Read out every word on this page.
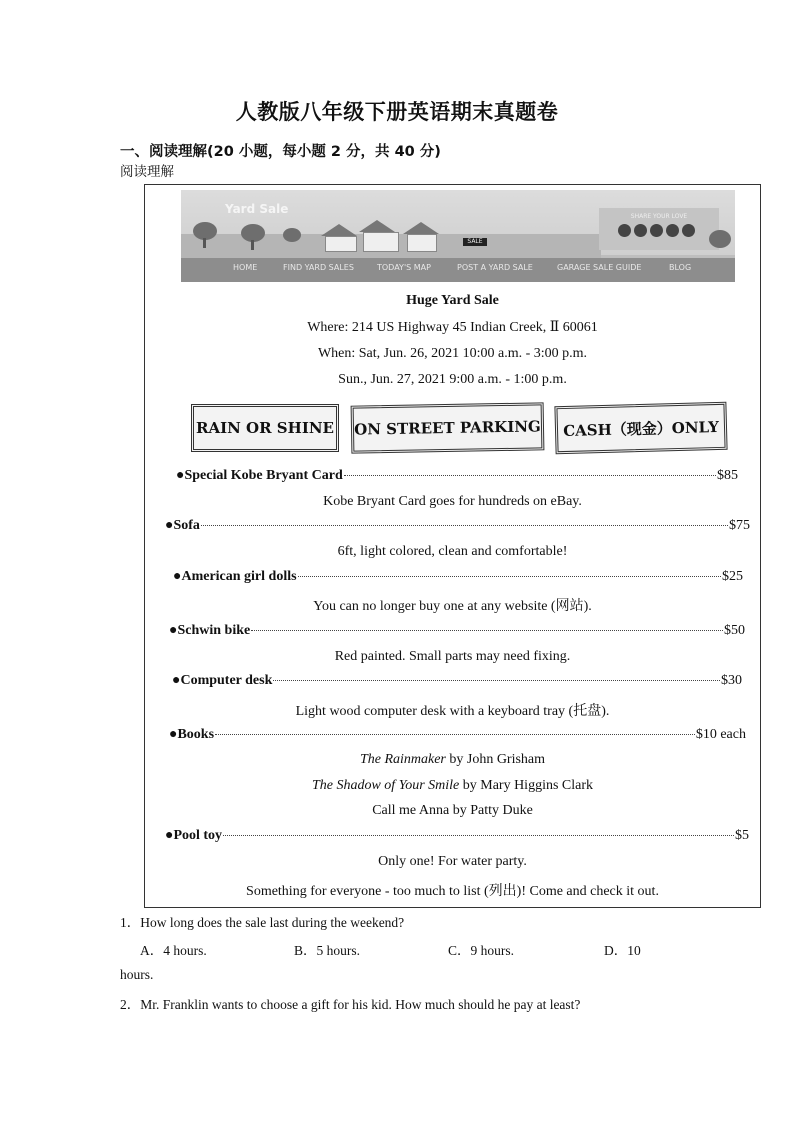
人教版八年级下册英语期末真题卷
一、阅读理解(20 小题，每小题 2 分，共 40 分)
阅读理解
Yard Sale
SALE
SHARE YOUR LOVE
HOME	FIND YARD SALES	TODAY'S MAP	POST A YARD SALE	GARAGE SALE GUIDE	BLOG
Huge Yard Sale
Where: 214 US Highway 45 Indian Creek, Ⅱ 60061
When: Sat, Jun. 26, 2021 10:00 a.m. - 3:00 p.m.
Sun., Jun. 27, 2021 9:00 a.m. - 1:00 p.m.
RAIN OR SHINE	ON STREET PARKING	CASH（现金）ONLY
●Special Kobe Bryant Card	$85
Kobe Bryant Card goes for hundreds on eBay.
●Sofa	$75
6ft, light colored, clean and comfortable!
●American girl dolls	$25
You can no longer buy one at any website (网站).
●Schwin bike	$50
Red painted. Small parts may need fixing.
●Computer desk	$30
Light wood computer desk with a keyboard tray (托盘).
●Books	$10 each
The Rainmaker by John Grisham
The Shadow of Your Smile by Mary Higgins Clark
Call me Anna by Patty Duke
●Pool toy	$5
Only one! For water party.
Something for everyone - too much to list (列出)! Come and check it out.
1．How long does the sale last during the weekend?
A．4 hours.	B．5 hours.	C．9 hours.	D．10
hours.
2．Mr. Franklin wants to choose a gift for his kid. How much should he pay at least?
